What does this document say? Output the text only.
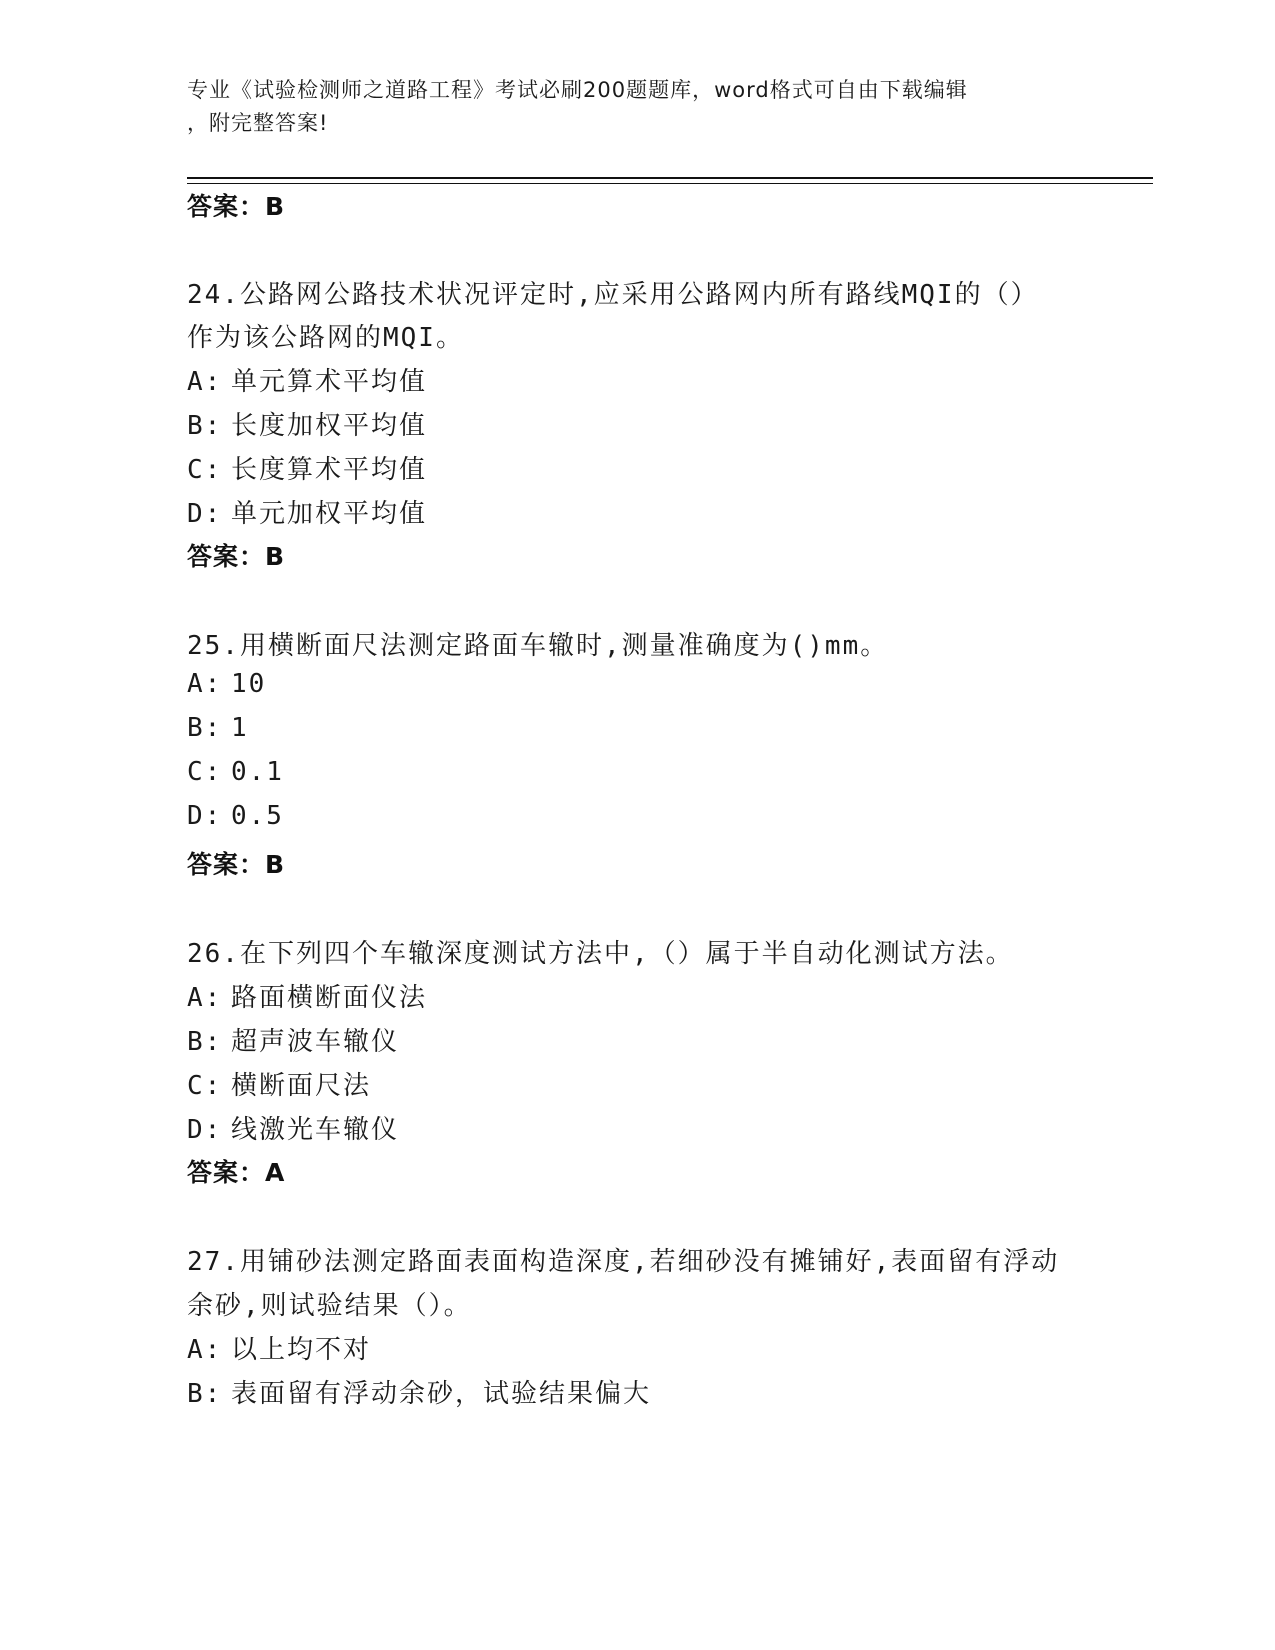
专业《试验检测师之道路工程》考试必刷200题题库，word格式可自由下载编辑
，附完整答案!
答案：B
24.公路网公路技术状况评定时,应采用公路网内所有路线MQI的（）
作为该公路网的MQI。
A: 单元算术平均值
B: 长度加权平均值
C: 长度算术平均值
D: 单元加权平均值
答案：B
25.用横断面尺法测定路面车辙时,测量准确度为()mm。
A: 10
B: 1
C: 0.1
D: 0.5
答案：B
26.在下列四个车辙深度测试方法中,（）属于半自动化测试方法。
A: 路面横断面仪法
B: 超声波车辙仪
C: 横断面尺法
D: 线激光车辙仪
答案：A
27.用铺砂法测定路面表面构造深度,若细砂没有摊铺好,表面留有浮动
余砂,则试验结果（）。
A: 以上均不对
B: 表面留有浮动余砂，试验结果偏大
